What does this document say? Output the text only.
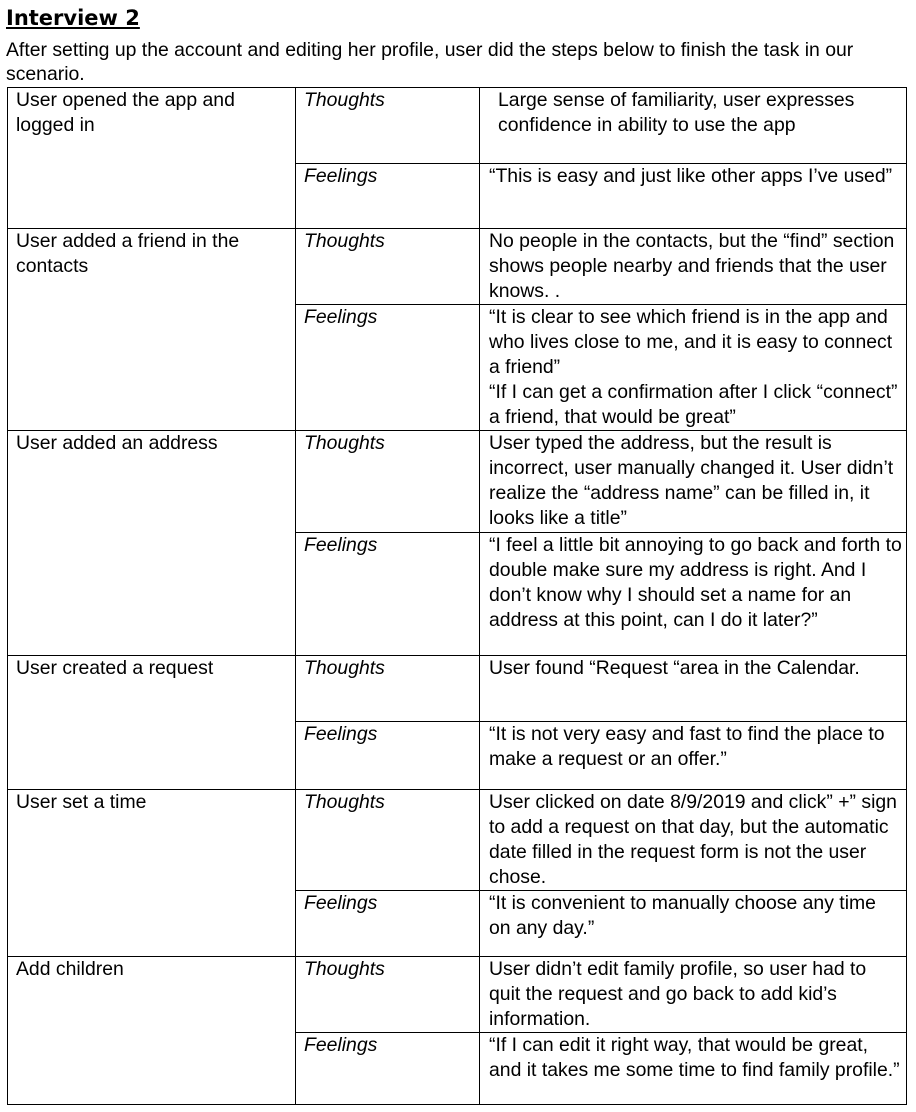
Interview 2

After setting up the account and editing her profile, user did the steps below to finish the task in our scenario.

User opened the app and logged in	Thoughts	Large sense of familiarity, user expresses confidence in ability to use the app
	Feelings	“This is easy and just like other apps I’ve used”
User added a friend in the contacts	Thoughts	No people in the contacts, but the “find” section shows people nearby and friends that the user knows. .
	Feelings	“It is clear to see which friend is in the app and who lives close to me, and it is easy to connect a friend”
“If I can get a confirmation after I click “connect” a friend, that would be great”

User added an address	Thoughts	User typed the address, but the result is incorrect, user manually changed it. User didn’t realize the “address name” can be filled in, it looks like a title”
	Feelings	“I feel a little bit annoying to go back and forth to double make sure my address is right. And I don’t know why I should set a name for an address at this point, can I do it later?”
User created a request	Thoughts	User found “Request “area in the Calendar.
	Feelings	“It is not very easy and fast to find the place to make a request or an offer.”
User set a time	Thoughts	User clicked on date 8/9/2019 and click” +” sign to add a request on that day, but the automatic date filled in the request form is not the user chose.
	Feelings	“It is convenient to manually choose any time on any day.”
Add children	Thoughts	User didn’t edit family profile, so user had to quit the request and go back to add kid’s information.
	Feelings	“If I can edit it right way, that would be great, and it takes me some time to find family profile.”
